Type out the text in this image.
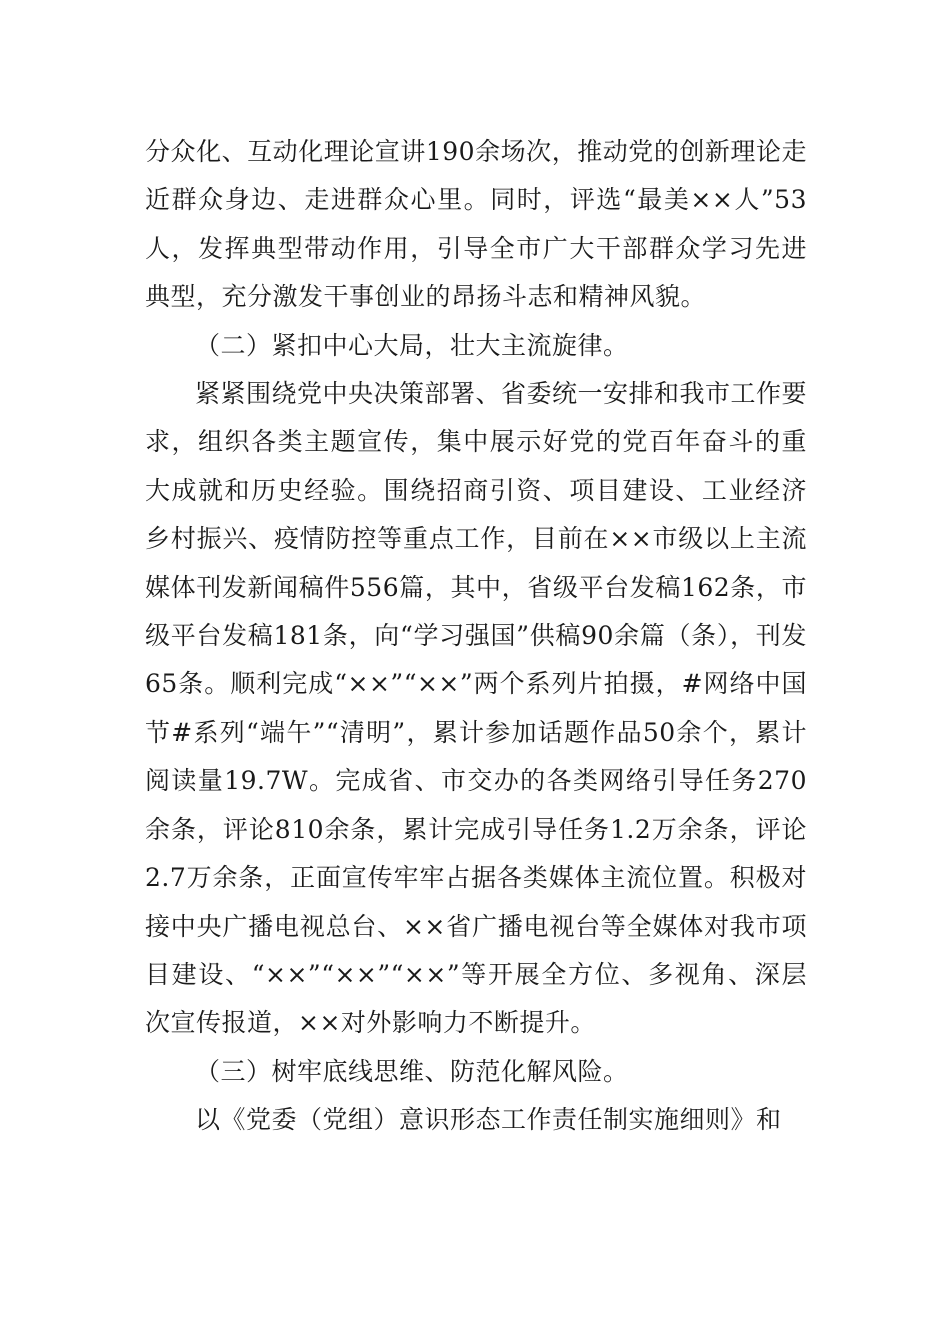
分众化、互动化理论宣讲190余场次，推动党的创新理论走近群众身边、走进群众心里。同时，评选“最美××人”53人，发挥典型带动作用，引导全市广大干部群众学习先进典型，充分激发干事创业的昂扬斗志和精神风貌。

（二）紧扣中心大局，壮大主流旋律。

紧紧围绕党中央决策部署、省委统一安排和我市工作要求，组织各类主题宣传，集中展示好党的党百年奋斗的重大成就和历史经验。围绕招商引资、项目建设、工业经济乡村振兴、疫情防控等重点工作，目前在××市级以上主流媒体刊发新闻稿件556篇，其中，省级平台发稿162条，市级平台发稿181条，向“学习强国”供稿90余篇（条），刊发65条。顺利完成“××”“××”两个系列片拍摄，#网络中国节#系列“端午”“清明”，累计参加话题作品50余个，累计阅读量19.7W。完成省、市交办的各类网络引导任务270余条，评论810余条，累计完成引导任务1.2万余条，评论2.7万余条，正面宣传牢牢占据各类媒体主流位置。积极对接中央广播电视总台、××省广播电视台等全媒体对我市项目建设、“××”“××”“××”等开展全方位、多视角、深层次宣传报道，××对外影响力不断提升。

（三）树牢底线思维、防范化解风险。

以《党委（党组）意识形态工作责任制实施细则》和
